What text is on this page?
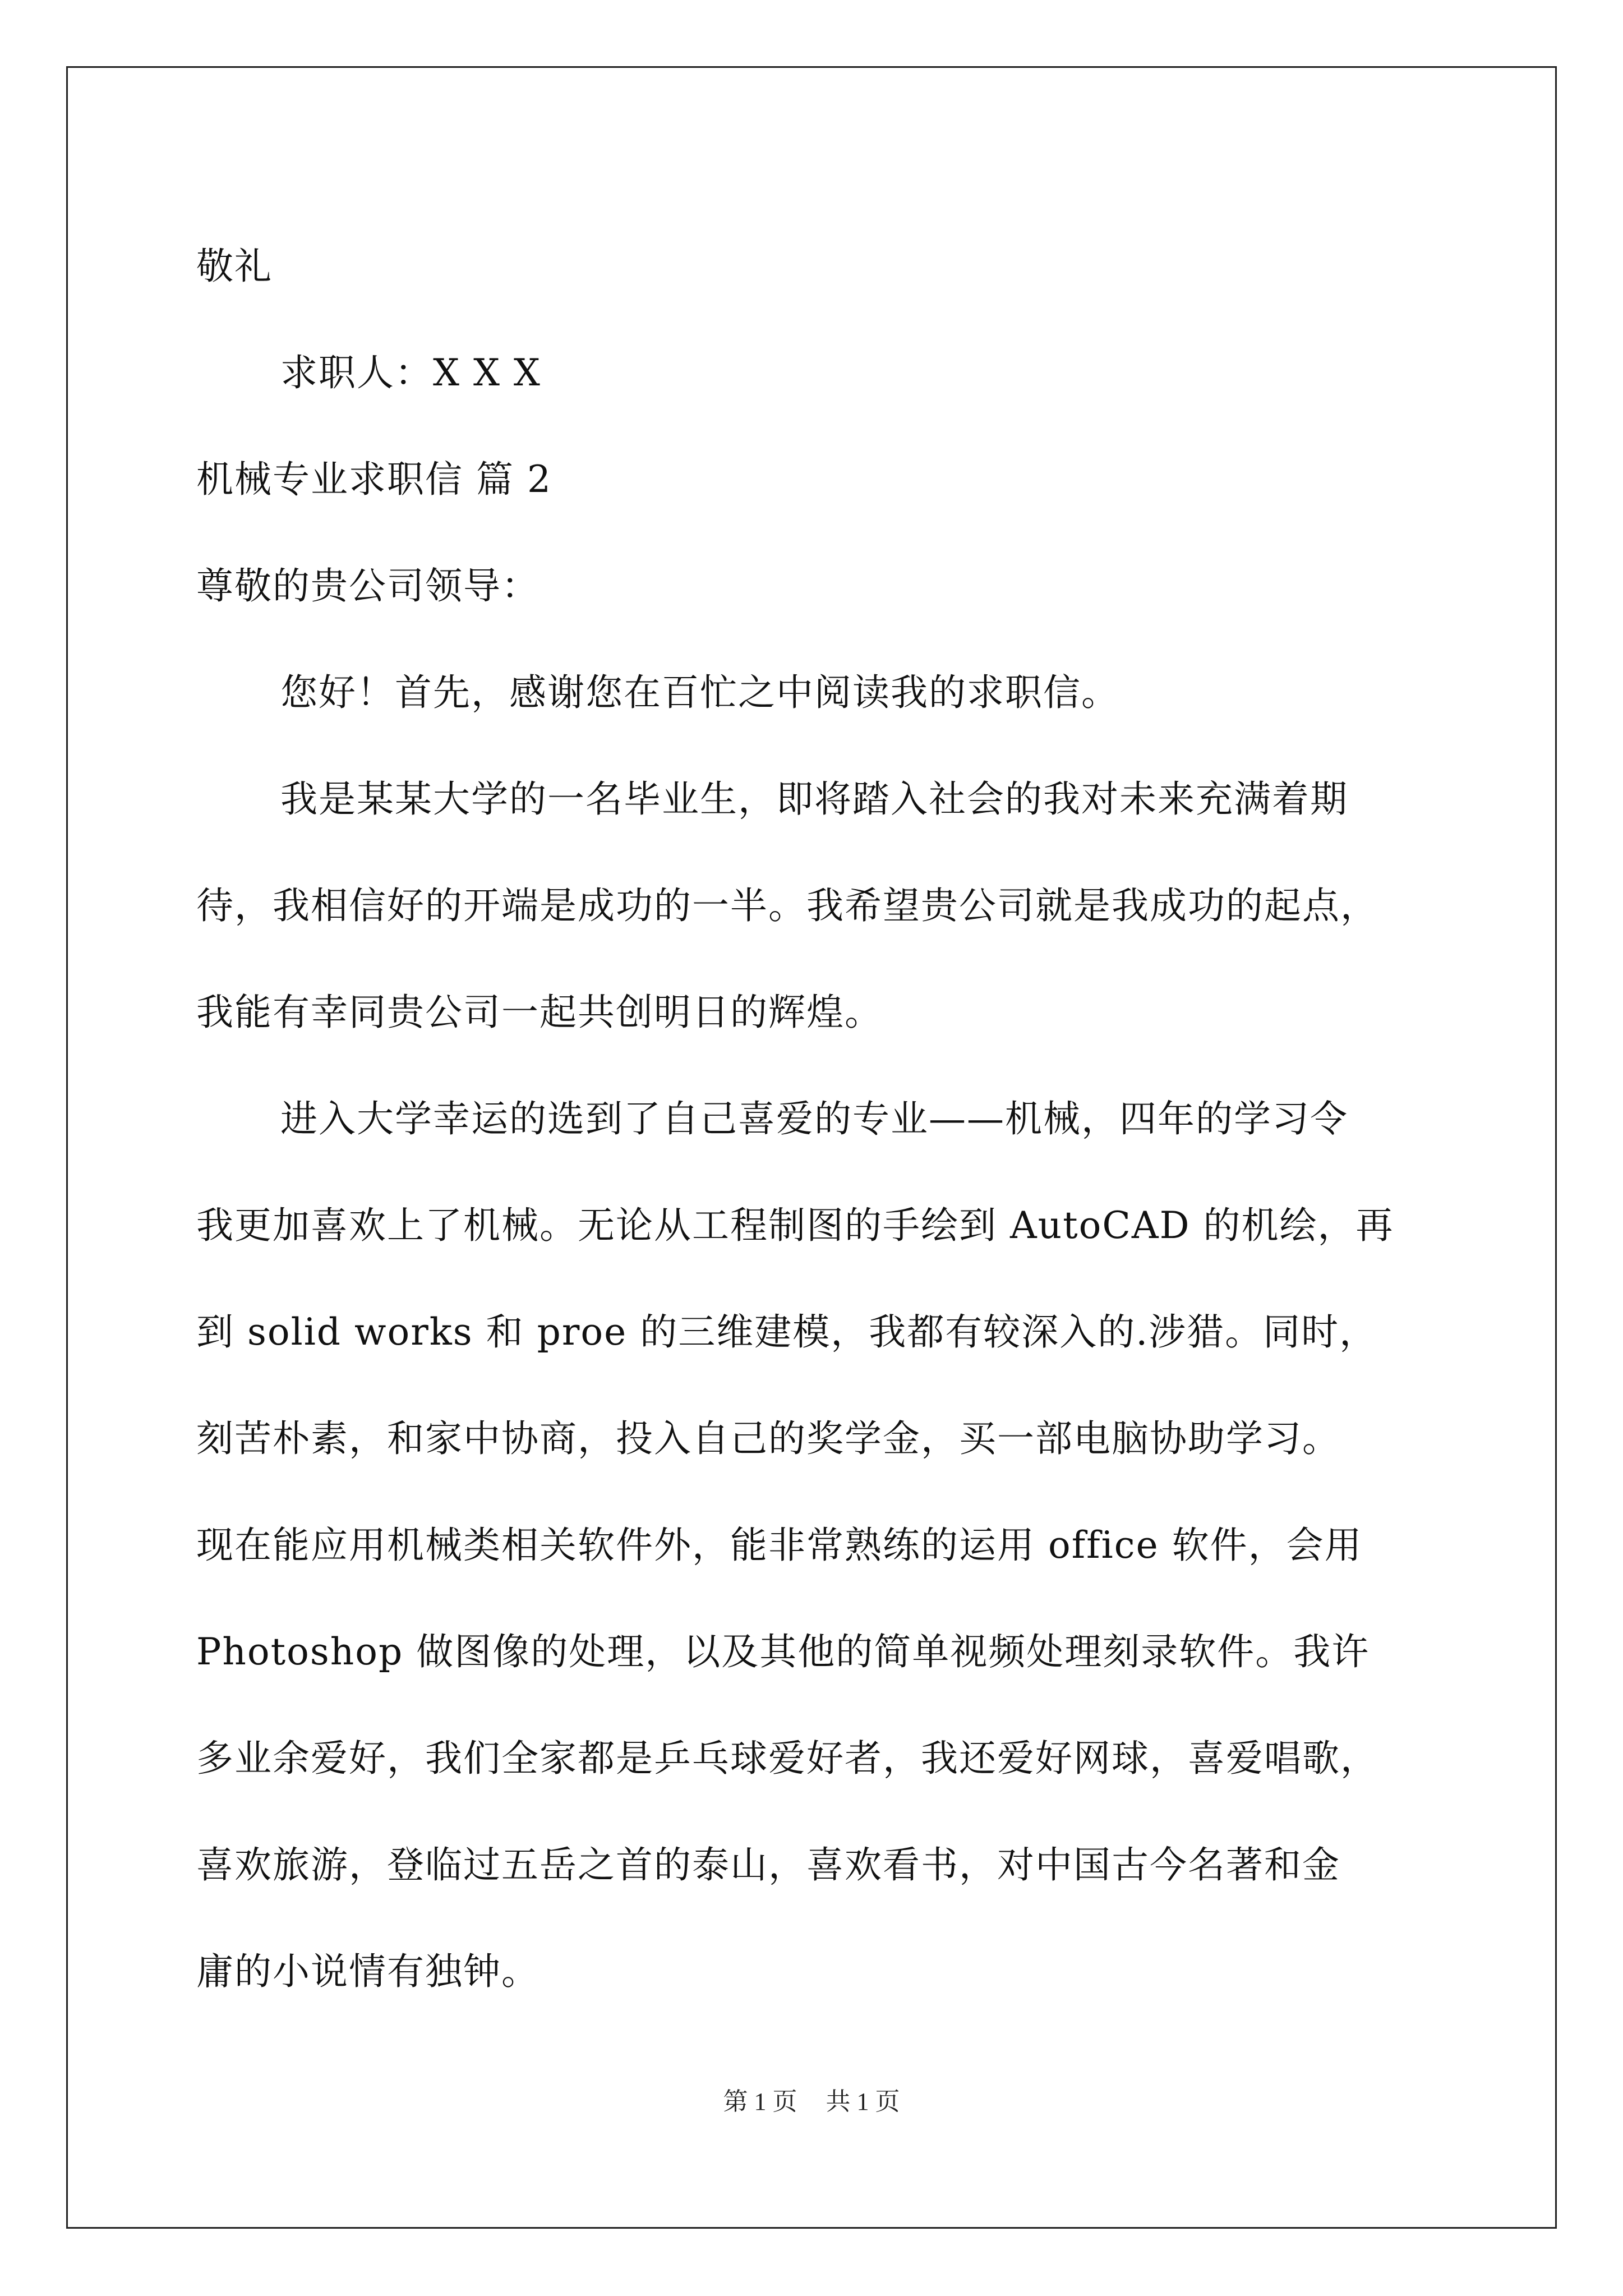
敬礼
求职人：X X X
机械专业求职信 篇 2
尊敬的贵公司领导：
您好！首先，感谢您在百忙之中阅读我的求职信。
我是某某大学的一名毕业生，即将踏入社会的我对未来充满着期
待，我相信好的开端是成功的一半。我希望贵公司就是我成功的起点，
我能有幸同贵公司一起共创明日的辉煌。
进入大学幸运的选到了自己喜爱的专业——机械，四年的学习令
我更加喜欢上了机械。无论从工程制图的手绘到 AutoCAD 的机绘，再
到 solid works 和 proe 的三维建模，我都有较深入的.涉猎。同时，
刻苦朴素，和家中协商，投入自己的奖学金，买一部电脑协助学习。
现在能应用机械类相关软件外，能非常熟练的运用 office 软件，会用
Photoshop 做图像的处理，以及其他的简单视频处理刻录软件。我许
多业余爱好，我们全家都是乒乓球爱好者，我还爱好网球，喜爱唱歌，
喜欢旅游，登临过五岳之首的泰山，喜欢看书，对中国古今名著和金
庸的小说情有独钟。
第 1 页 共 1 页
